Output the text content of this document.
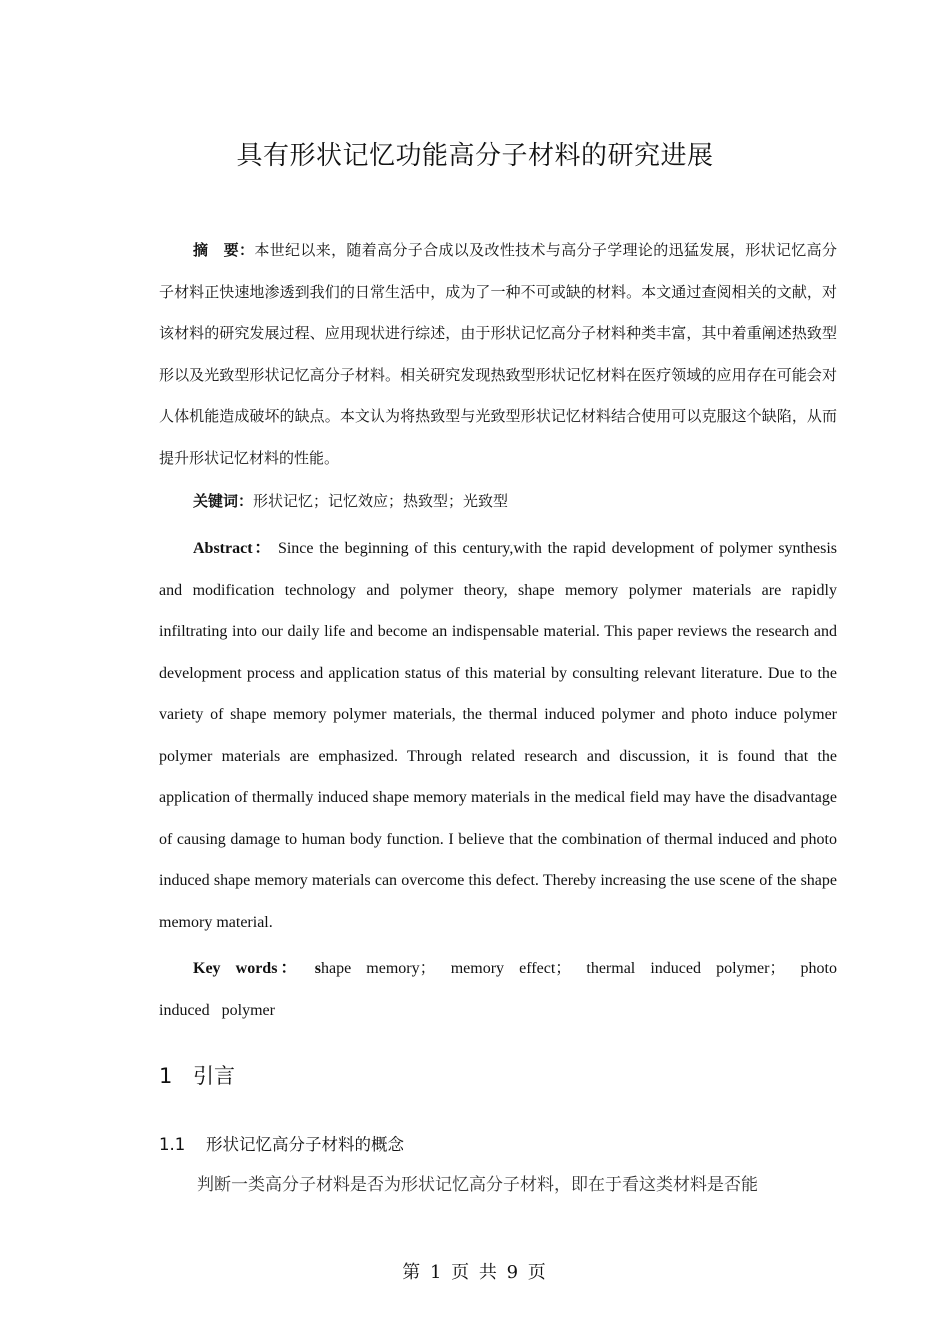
具有形状记忆功能高分子材料的研究进展

摘　要：本世纪以来，随着高分子合成以及改性技术与高分子学理论的迅猛发展，形状记忆高分子材料正快速地渗透到我们的日常生活中，成为了一种不可或缺的材料。本文通过查阅相关的文献，对该材料的研究发展过程、应用现状进行综述，由于形状记忆高分子材料种类丰富，其中着重阐述热致型形以及光致型形状记忆高分子材料。相关研究发现热致型形状记忆材料在医疗领域的应用存在可能会对人体机能造成破坏的缺点。本文认为将热致型与光致型形状记忆材料结合使用可以克服这个缺陷，从而提升形状记忆材料的性能。

关键词：形状记忆；记忆效应；热致型；光致型

Abstract： Since the beginning of this century,with the rapid development of polymer synthesis and modification technology and polymer theory, shape memory polymer materials are rapidly infiltrating into our daily life and become an indispensable material. This paper reviews the research and development process and application status of this material by consulting relevant literature. Due to the variety of shape memory polymer materials, the thermal induced polymer and photo induce polymer polymer materials are emphasized. Through related research and discussion, it is found that the application of thermally induced shape memory materials in the medical field may have the disadvantage of causing damage to human body function. I believe that the combination of thermal induced and photo induced shape memory materials can overcome this defect. Thereby increasing the use scene of the shape memory material.

Key words： shape memory； memory effect； thermal induced polymer； photo induced polymer

1 引言
1.1 形状记忆高分子材料的概念

判断一类高分子材料是否为形状记忆高分子材料，即在于看这类材料是否能

第 1 页 共 9 页
